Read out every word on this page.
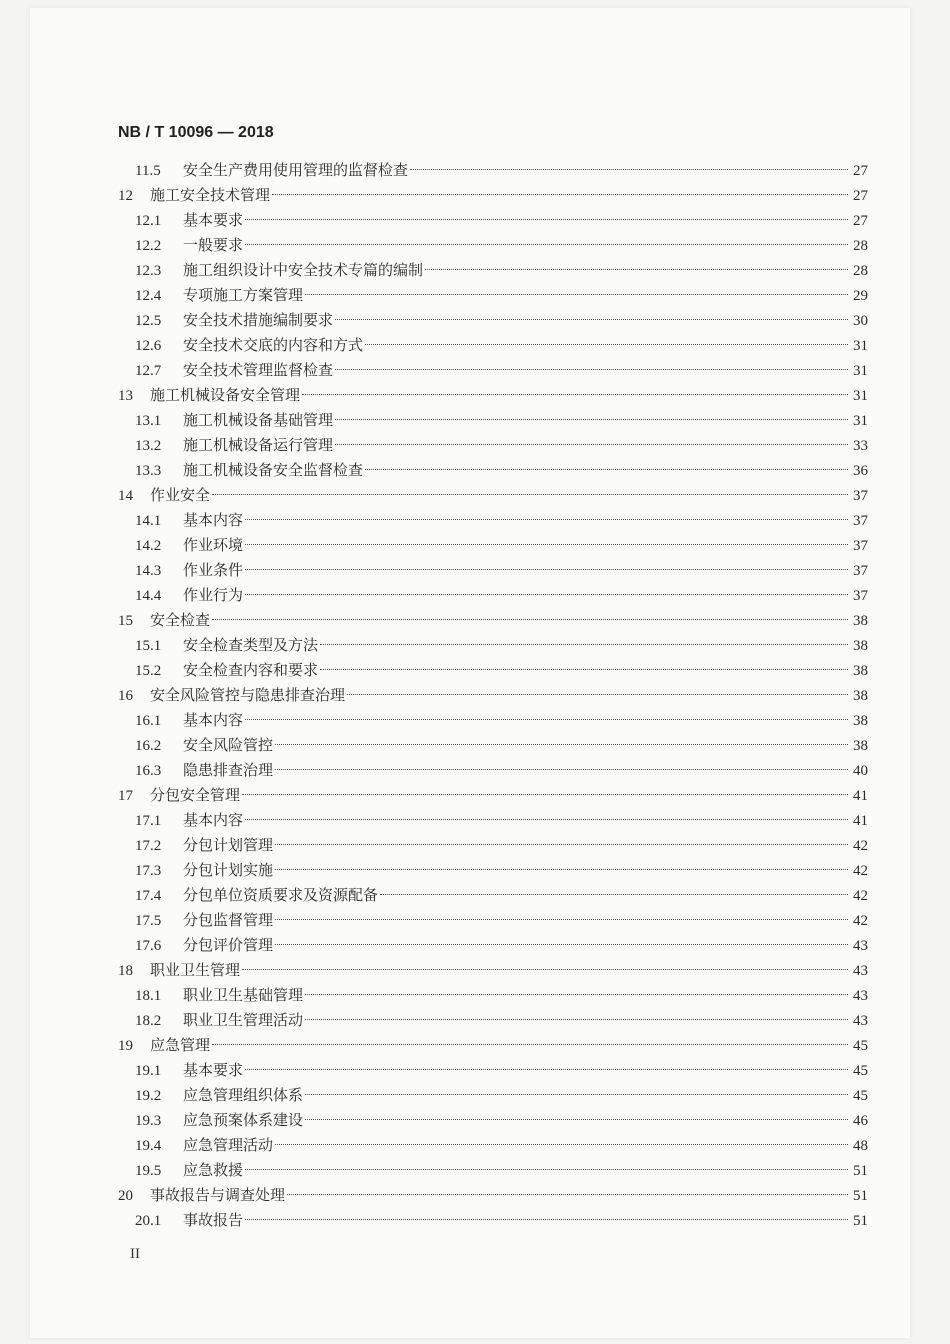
NB / T 10096 — 2018
11.5	安全生产费用使用管理的监督检查	27
12	施工安全技术管理	27
12.1	基本要求	27
12.2	一般要求	28
12.3	施工组织设计中安全技术专篇的编制	28
12.4	专项施工方案管理	29
12.5	安全技术措施编制要求	30
12.6	安全技术交底的内容和方式	31
12.7	安全技术管理监督检查	31
13	施工机械设备安全管理	31
13.1	施工机械设备基础管理	31
13.2	施工机械设备运行管理	33
13.3	施工机械设备安全监督检查	36
14	作业安全	37
14.1	基本内容	37
14.2	作业环境	37
14.3	作业条件	37
14.4	作业行为	37
15	安全检查	38
15.1	安全检查类型及方法	38
15.2	安全检查内容和要求	38
16	安全风险管控与隐患排查治理	38
16.1	基本内容	38
16.2	安全风险管控	38
16.3	隐患排查治理	40
17	分包安全管理	41
17.1	基本内容	41
17.2	分包计划管理	42
17.3	分包计划实施	42
17.4	分包单位资质要求及资源配备	42
17.5	分包监督管理	42
17.6	分包评价管理	43
18	职业卫生管理	43
18.1	职业卫生基础管理	43
18.2	职业卫生管理活动	43
19	应急管理	45
19.1	基本要求	45
19.2	应急管理组织体系	45
19.3	应急预案体系建设	46
19.4	应急管理活动	48
19.5	应急救援	51
20	事故报告与调查处理	51
20.1	事故报告	51
II
